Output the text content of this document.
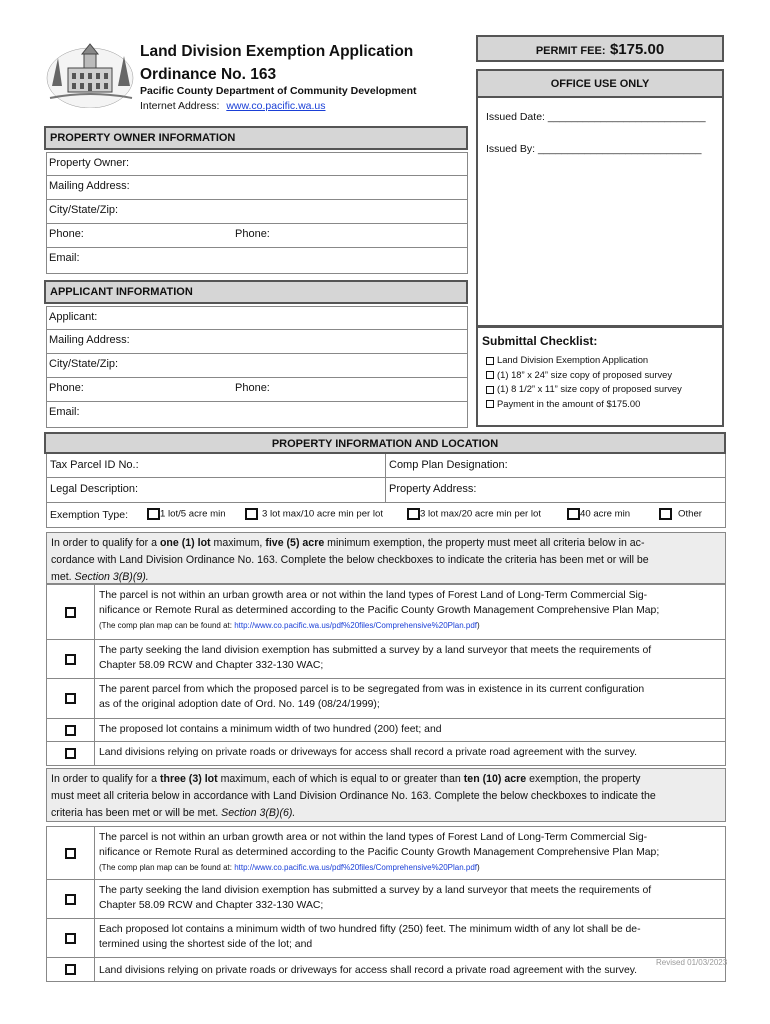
Land Division Exemption Application
Ordinance No. 163
Pacific County Department of Community Development
Internet Address: www.co.pacific.wa.us
PERMIT FEE: $175.00
OFFICE USE ONLY
Issued Date: ___________________________
Issued By: ____________________________
PROPERTY OWNER INFORMATION
Property Owner:
Mailing Address:
City/State/Zip:
Phone:	Phone:
Email:
APPLICANT INFORMATION
Applicant:
Mailing Address:
City/State/Zip:
Phone:	Phone:
Email:
Submittal Checklist:
Land Division Exemption Application
(1) 18” x 24” size copy of proposed survey
(1) 8 1/2” x 11” size copy of proposed survey
Payment in the amount of $175.00
PROPERTY INFORMATION AND LOCATION
Tax Parcel ID No.:	Comp Plan Designation:
Legal Description:	Property Address:
Exemption Type:	1 lot/5 acre min	3 lot max/10 acre min per lot	3 lot max/20 acre min per lot	40 acre min	Other
In order to qualify for a one (1) lot maximum, five (5) acre minimum exemption, the property must meet all criteria below in ac-
cordance with Land Division Ordinance No. 163. Complete the below checkboxes to indicate the criteria has been met or will be
met. Section 3(B)(9).
The parcel is not within an urban growth area or not within the land types of Forest Land of Long-Term Commercial Sig-
nificance or Remote Rural as determined according to the Pacific County Growth Management Comprehensive Plan Map;
(The comp plan map can be found at: http://www.co.pacific.wa.us/pdf%20files/Comprehensive%20Plan.pdf)
The party seeking the land division exemption has submitted a survey by a land surveyor that meets the requirements of
Chapter 58.09 RCW and Chapter 332-130 WAC;
The parent parcel from which the proposed parcel is to be segregated from was in existence in its current configuration
as of the original adoption date of Ord. No. 149 (08/24/1999);
The proposed lot contains a minimum width of two hundred (200) feet; and
Land divisions relying on private roads or driveways for access shall record a private road agreement with the survey.
In order to qualify for a three (3) lot maximum, each of which is equal to or greater than ten (10) acre exemption, the property
must meet all criteria below in accordance with Land Division Ordinance No. 163. Complete the below checkboxes to indicate the
criteria has been met or will be met. Section 3(B)(6).
The parcel is not within an urban growth area or not within the land types of Forest Land of Long-Term Commercial Sig-
nificance or Remote Rural as determined according to the Pacific County Growth Management Comprehensive Plan Map;
(The comp plan map can be found at: http://www.co.pacific.wa.us/pdf%20files/Comprehensive%20Plan.pdf)
The party seeking the land division exemption has submitted a survey by a land surveyor that meets the requirements of
Chapter 58.09 RCW and Chapter 332-130 WAC;
Each proposed lot contains a minimum width of two hundred fifty (250) feet. The minimum width of any lot shall be de-
termined using the shortest side of the lot; and
Land divisions relying on private roads or driveways for access shall record a private road agreement with the survey.
Revised 01/03/2023
